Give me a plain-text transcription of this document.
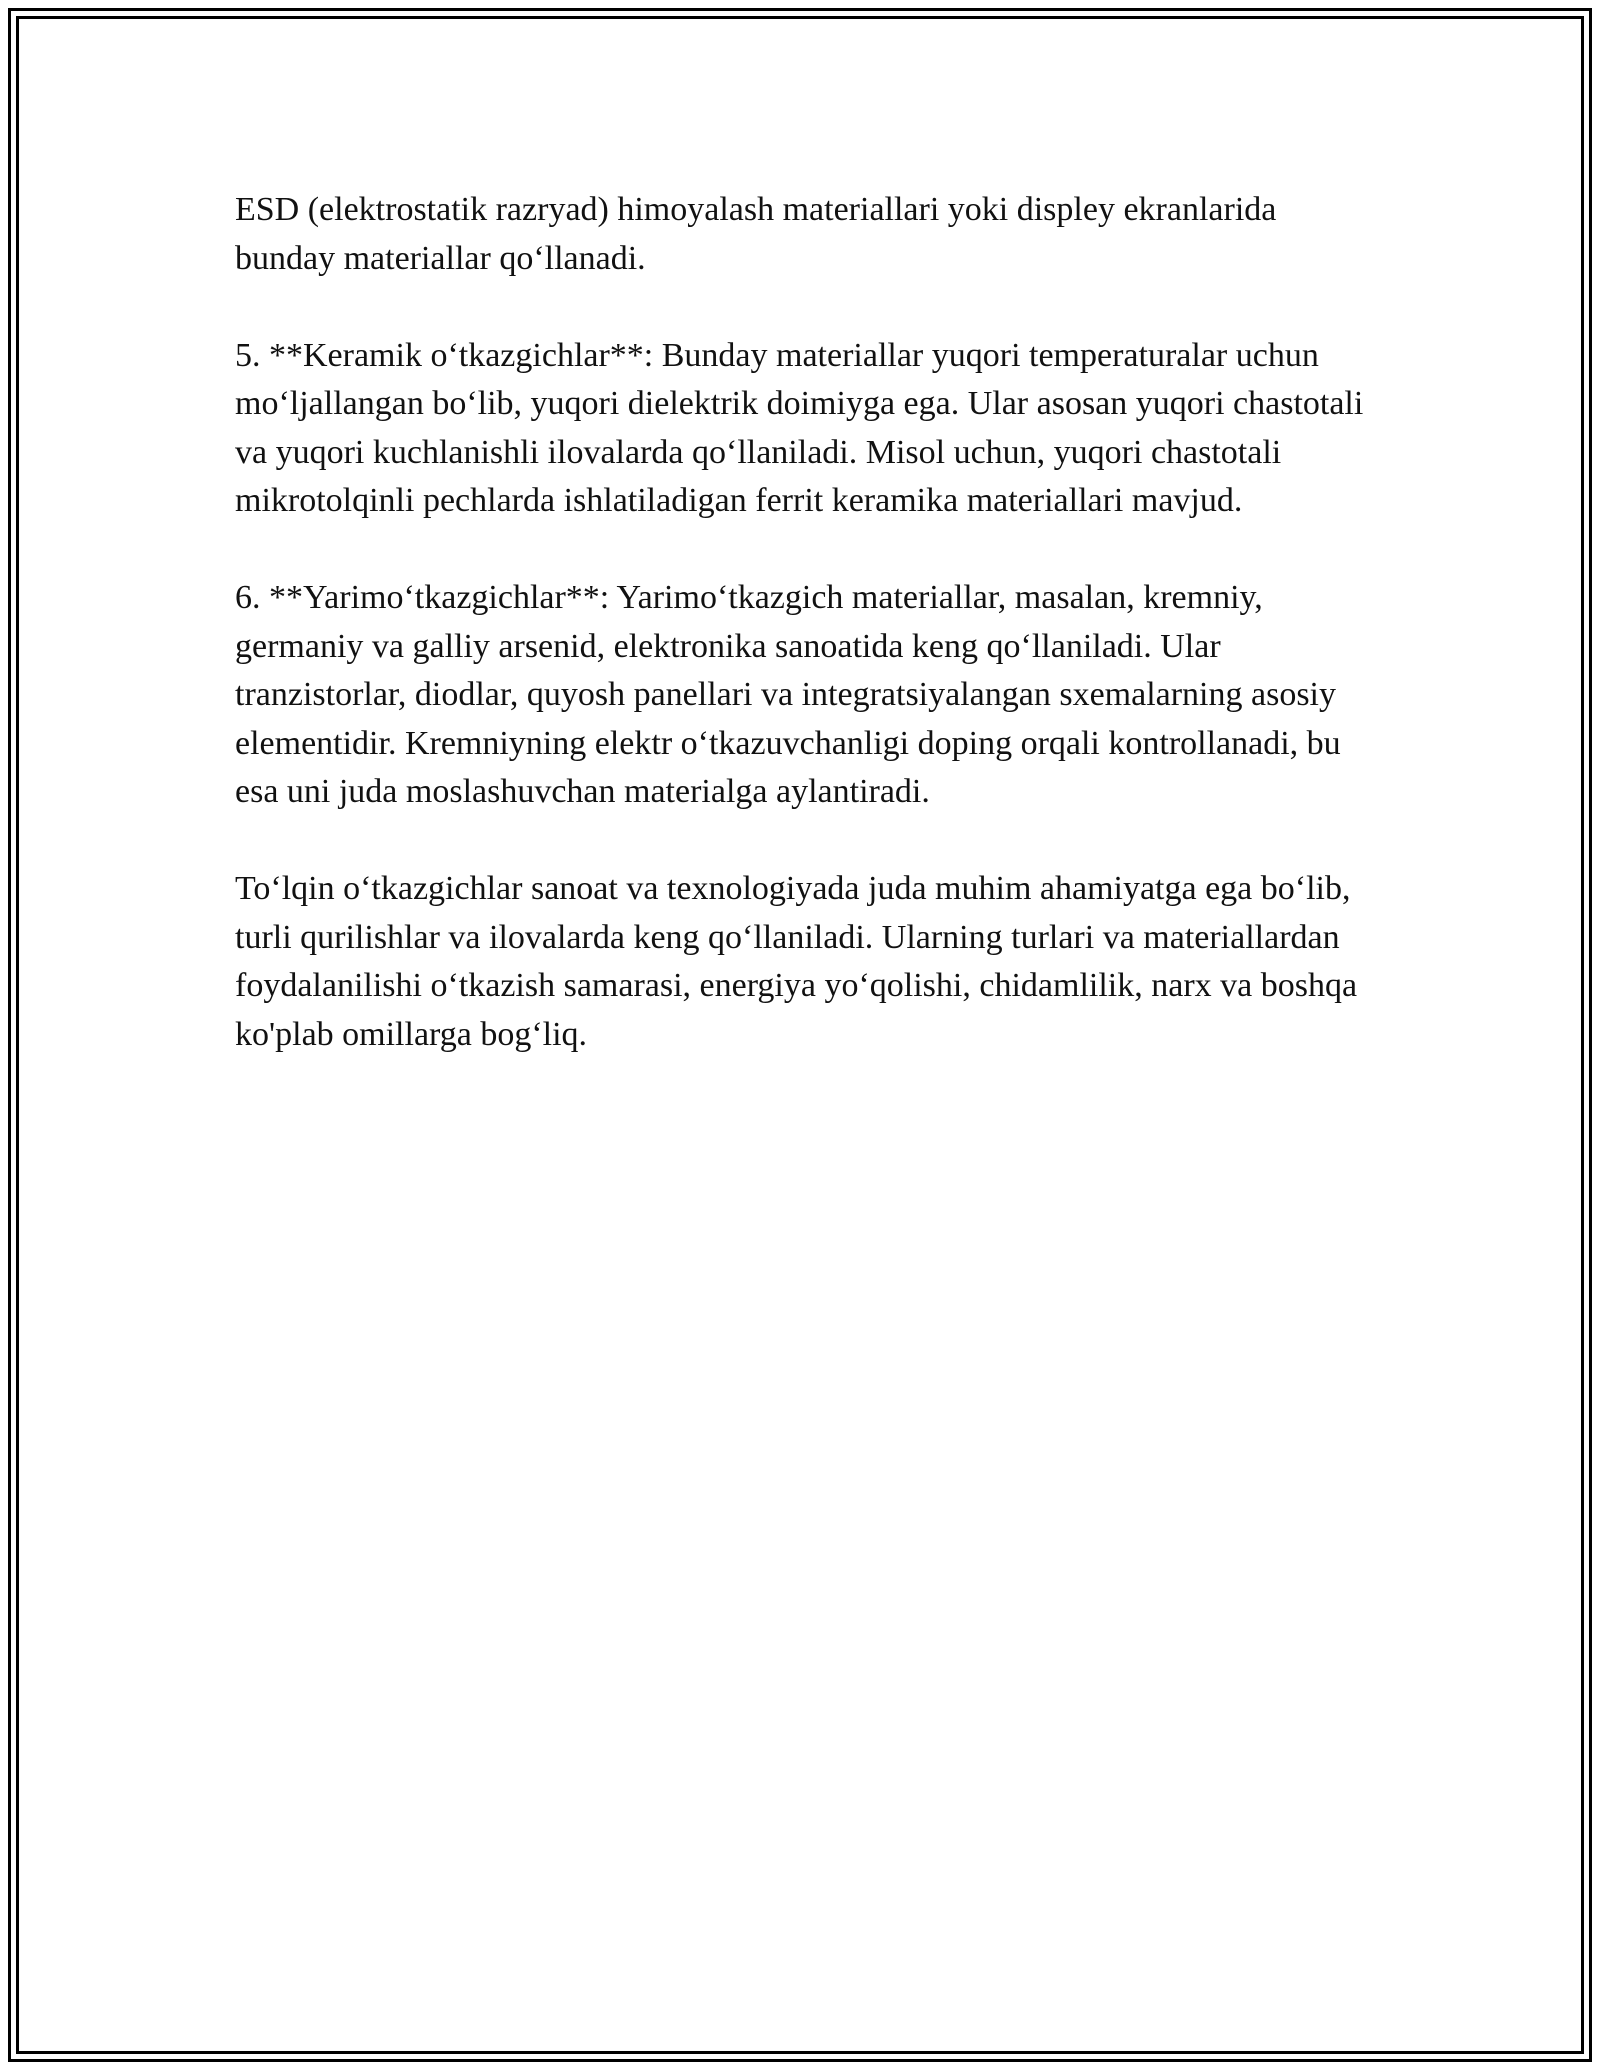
ESD (elektrostatik razryad) himoyalash materiallari yoki displey ekranlarida bunday materiallar qo‘llanadi.

5. **Keramik o‘tkazgichlar**: Bunday materiallar yuqori temperaturalar uchun mo‘ljallangan bo‘lib, yuqori dielektrik doimiyga ega. Ular asosan yuqori chastotali va yuqori kuchlanishli ilovalarda qo‘llaniladi. Misol uchun, yuqori chastotali mikrotolqinli pechlarda ishlatiladigan ferrit keramika materiallari mavjud.

6. **Yarimo‘tkazgichlar**: Yarimo‘tkazgich materiallar, masalan, kremniy, germaniy va galliy arsenid, elektronika sanoatida keng qo‘llaniladi. Ular tranzistorlar, diodlar, quyosh panellari va integratsiyalangan sxemalarning asosiy elementidir. Kremniyning elektr o‘tkazuvchanligi doping orqali kontrollanadi, bu esa uni juda moslashuvchan materialga aylantiradi.

To‘lqin o‘tkazgichlar sanoat va texnologiyada juda muhim ahamiyatga ega bo‘lib, turli qurilishlar va ilovalarda keng qo‘llaniladi. Ularning turlari va materiallardan foydalanilishi o‘tkazish samarasi, energiya yo‘qolishi, chidamlilik, narx va boshqa ko'plab omillarga bog‘liq.
